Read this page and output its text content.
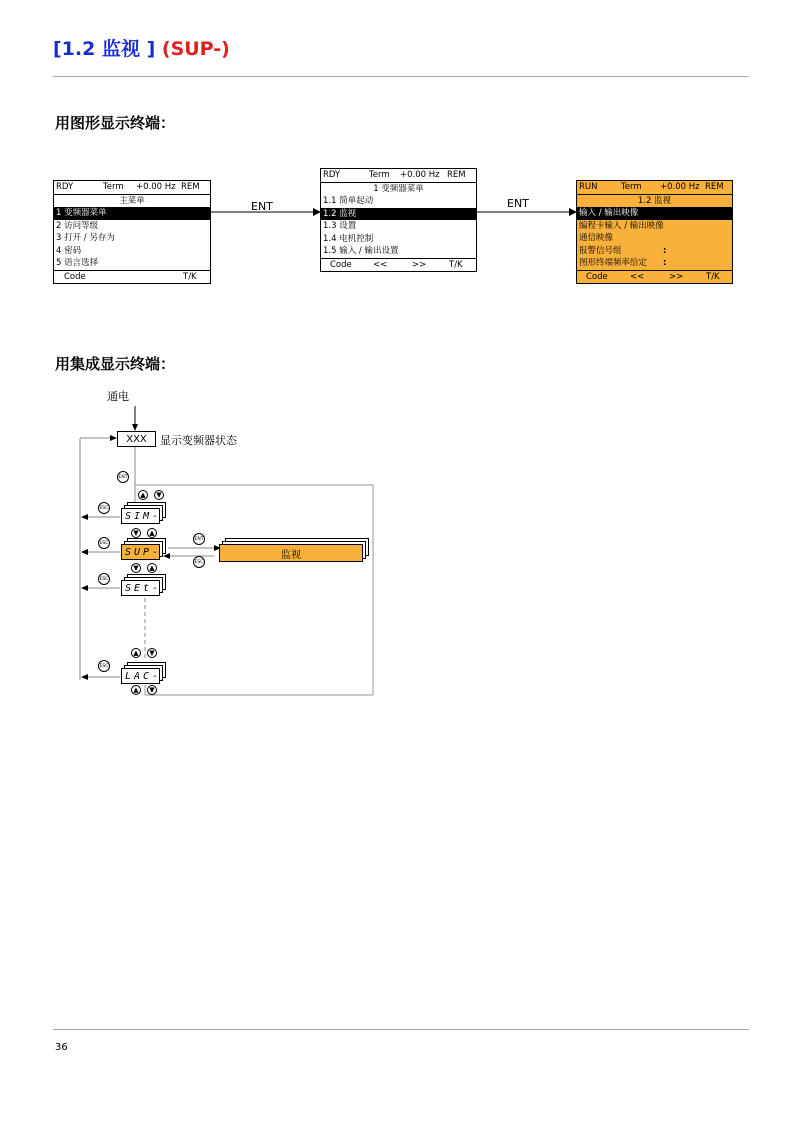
[1.2 监视 ] (SUP-)
用图形显示终端：
RDY	Term +0.00 Hz REM
主菜单
1 变频器菜单
2 访问等级
3 打开 / 另存为
4 密码
5 语言选择
Code	T/K
ENT
RDY	Term +0.00 Hz REM
1 变频器菜单
1.1 简单起动
1.2 监视
1.3 设置
1.4 电机控制
1.5 输入 / 输出设置
Code <<	>>	T/K
ENT
RUN	Term +0.00 Hz REM
1.2 监视
输入 / 输出映像
编程卡输入 / 输出映像
通信映像
报警信号组	:
图形终端频率给定 :
Code	<<	>>	T/K
用集成显示终端：
通电
XXX	显示变频器状态
ENT
▲	▼
ESC
SIM-
▼	▲
ESC
SUP-
ENT
ESC
监视
▼	▲
ESC
SEt-
▲	▼
ESC
LAC-
▲	▼
36
